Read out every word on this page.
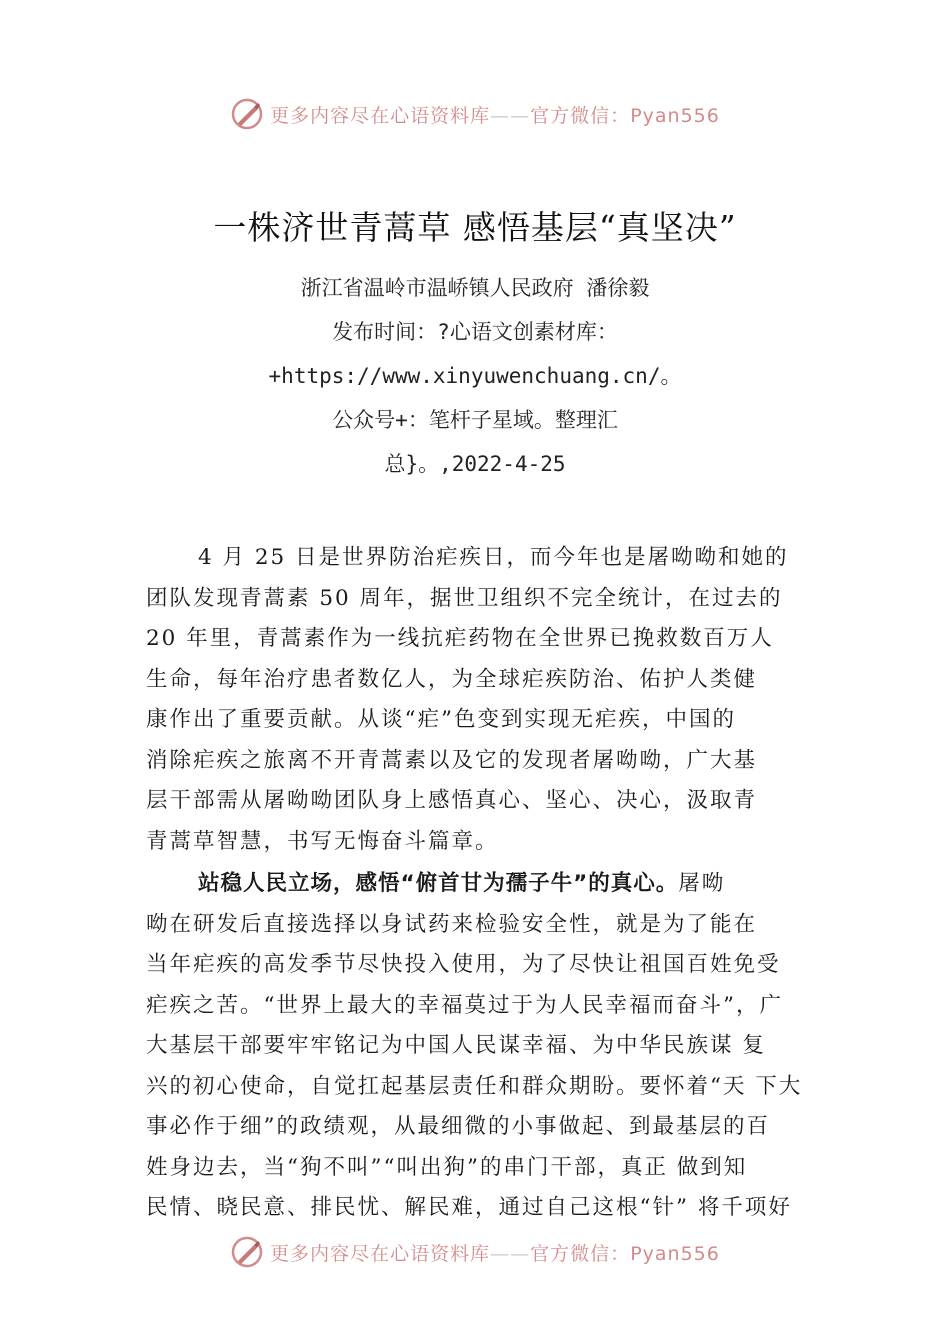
更多内容尽在心语资料库——官方微信：Pyan556
一株济世青蒿草 感悟基层“真坚决”
浙江省温岭市温峤镇人民政府 潘徐毅
发布时间：?心语文创素材库：
+https://www.xinyuwenchuang.cn/。
公众号+：笔杆子星域。整理汇
总}。,2022-4-25
4 月 25 日是世界防治疟疾日，而今年也是屠呦呦和她的
团队发现青蒿素 50 周年，据世卫组织不完全统计，在过去的
20 年里，青蒿素作为一线抗疟药物在全世界已挽救数百万人
生命，每年治疗患者数亿人，为全球疟疾防治、佑护人类健
康作出了重要贡献。从谈“疟”色变到实现无疟疾，中国的
消除疟疾之旅离不开青蒿素以及它的发现者屠呦呦，广大基
层干部需从屠呦呦团队身上感悟真心、坚心、决心，汲取青
青蒿草智慧，书写无悔奋斗篇章。
站稳人民立场，感悟“俯首甘为孺子牛”的真心。屠呦
呦在研发后直接选择以身试药来检验安全性，就是为了能在
当年疟疾的高发季节尽快投入使用，为了尽快让祖国百姓免受
疟疾之苦。“世界上最大的幸福莫过于为人民幸福而奋斗”，广
大基层干部要牢牢铭记为中国人民谋幸福、为中华民族谋 复
兴的初心使命，自觉扛起基层责任和群众期盼。要怀着“天 下大
事必作于细”的政绩观，从最细微的小事做起、到最基层的百
姓身边去，当“狗不叫”“叫出狗”的串门干部，真正 做到知
民情、晓民意、排民忧、解民难，通过自己这根“针” 将千项好
更多内容尽在心语资料库——官方微信：Pyan556
